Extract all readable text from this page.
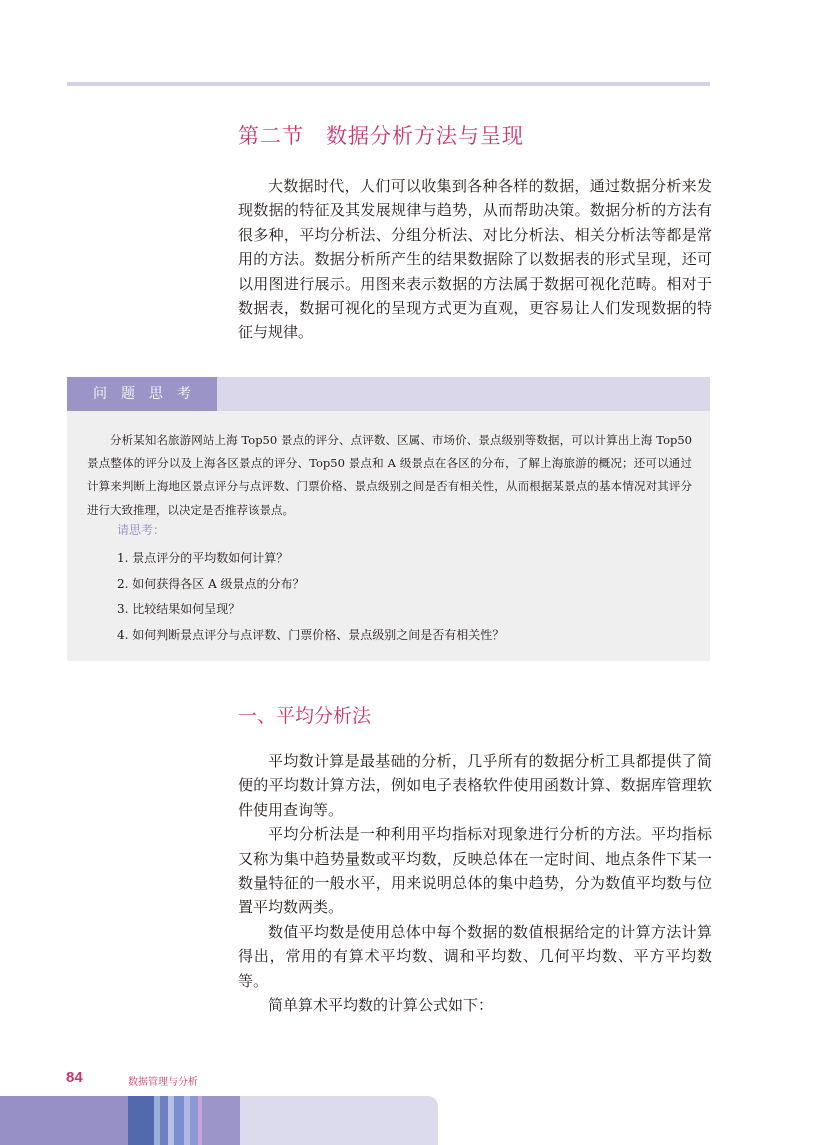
第二节 数据分析方法与呈现

大数据时代，人们可以收集到各种各样的数据，通过数据分析来发现数据的特征及其发展规律与趋势，从而帮助决策。数据分析的方法有很多种，平均分析法、分组分析法、对比分析法、相关分析法等都是常用的方法。数据分析所产生的结果数据除了以数据表的形式呈现，还可以用图进行展示。用图来表示数据的方法属于数据可视化范畴。相对于数据表，数据可视化的呈现方式更为直观，更容易让人们发现数据的特征与规律。

问题思考

分析某知名旅游网站上海 Top50 景点的评分、点评数、区属、市场价、景点级别等数据，可以计算出上海 Top50 景点整体的评分以及上海各区景点的评分、Top50 景点和 A 级景点在各区的分布，了解上海旅游的概况；还可以通过计算来判断上海地区景点评分与点评数、门票价格、景点级别之间是否有相关性，从而根据某景点的基本情况对其评分进行大致推理，以决定是否推荐该景点。

请思考：

1. 景点评分的平均数如何计算？
2. 如何获得各区 A 级景点的分布？
3. 比较结果如何呈现？
4. 如何判断景点评分与点评数、门票价格、景点级别之间是否有相关性？
一、平均分析法

平均数计算是最基础的分析，几乎所有的数据分析工具都提供了简便的平均数计算方法，例如电子表格软件使用函数计算、数据库管理软件使用查询等。

平均分析法是一种利用平均指标对现象进行分析的方法。平均指标又称为集中趋势量数或平均数，反映总体在一定时间、地点条件下某一数量特征的一般水平，用来说明总体的集中趋势，分为数值平均数与位置平均数两类。

数值平均数是使用总体中每个数据的数值根据给定的计算方法计算得出，常用的有算术平均数、调和平均数、几何平均数、平方平均数等。

简单算术平均数的计算公式如下：

84	数据管理与分析
